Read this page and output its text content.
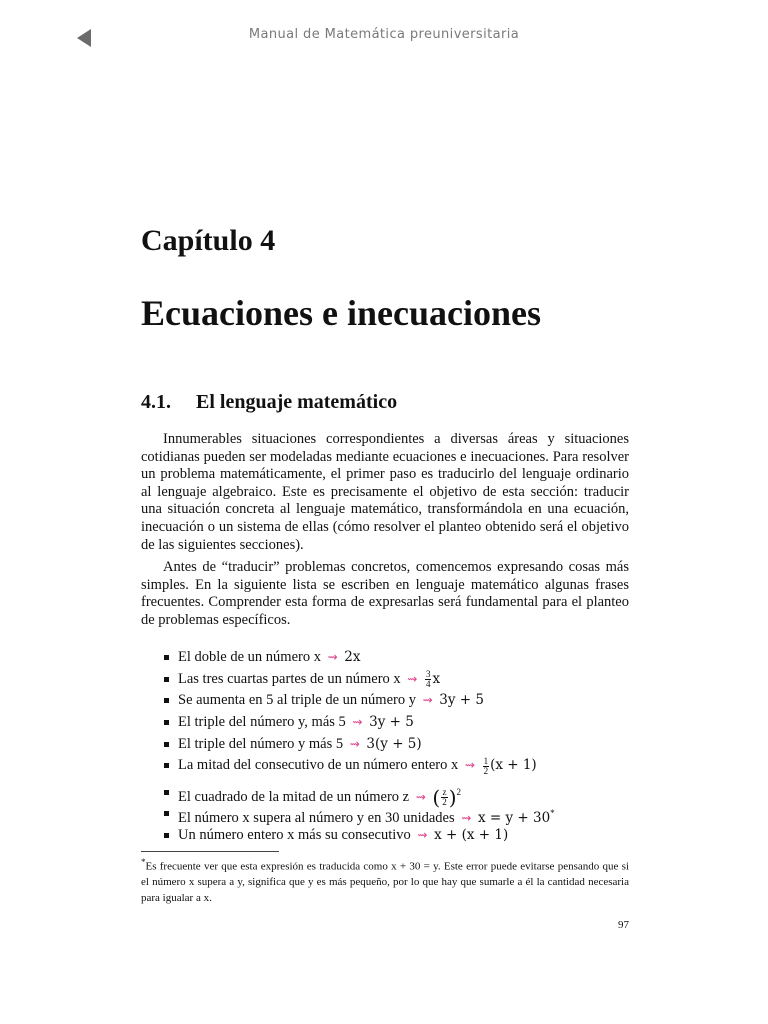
Manual de Matemática preuniversitaria
Capítulo 4
Ecuaciones e inecuaciones
4.1. El lenguaje matemático

Innumerables situaciones correspondientes a diversas áreas y situaciones cotidianas pueden ser modeladas mediante ecuaciones e inecuaciones. Para resolver un problema matemáticamente, el primer paso es traducirlo del lenguaje ordinario al lenguaje algebraico. Este es precisamente el objetivo de esta sección: traducir una situación concreta al lenguaje matemático, transformándola en una ecuación, inecuación o un sistema de ellas (cómo resolver el planteo obtenido será el objetivo de las siguientes secciones).

Antes de “traducir” problemas concretos, comencemos expresando cosas más simples. En la siguiente lista se escriben en lenguaje matemático algunas frases frecuentes. Comprender esta forma de expresarlas será fundamental para el planteo de problemas específicos.

El doble de un número x ⇝ 2x
Las tres cuartas partes de un número x ⇝ $\frac{3}{4}$ x
Se aumenta en 5 al triple de un número y ⇝ 3y + 5
El triple del número y, más 5 ⇝ 3y + 5
El triple del número y más 5 ⇝ 3(y + 5)
La mitad del consecutivo de un número entero x ⇝ $\frac{1}{2} (x + 1)$
El cuadrado de la mitad de un número z ⇝ ( $\frac{z}{2} )^2$
El número x supera al número y en 30 unidades ⇝ x = y + 30*
Un número entero x más su consecutivo ⇝ x + (x + 1)

*Es frecuente ver que esta expresión es traducida como x + 30 = y. Este error puede evitarse pensando que si el número x supera a y, significa que y es más pequeño, por lo que hay que sumarle a él la cantidad necesaria para igualar a x.

97
